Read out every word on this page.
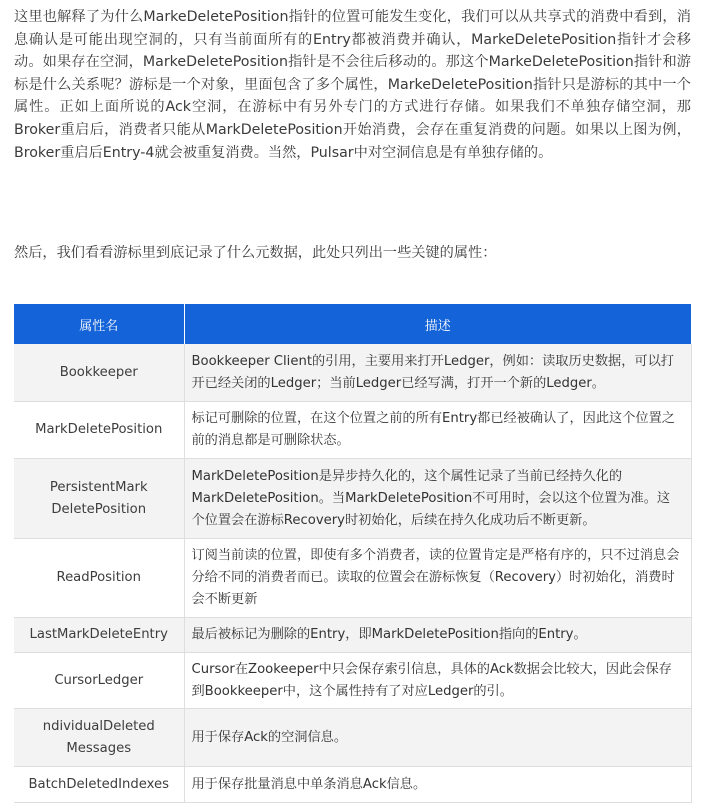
这里也解释了为什么MarkeDeletePosition指针的位置可能发生变化，我们可以从共享式的消费中看到，消息确认是可能出现空洞的，只有当前面所有的Entry都被消费并确认，MarkeDeletePosition指针才会移动。如果存在空洞，MarkeDeletePosition指针是不会往后移动的。那这个MarkeDeletePosition指针和游标是什么关系呢？游标是一个对象，里面包含了多个属性，MarkeDeletePosition指针只是游标的其中一个属性。正如上面所说的Ack空洞，在游标中有另外专门的方式进行存储。如果我们不单独存储空洞，那Broker重启后，消费者只能从MarkDeletePosition开始消费，会存在重复消费的问题。如果以上图为例，Broker重启后Entry-4就会被重复消费。当然，Pulsar中对空洞信息是有单独存储的。

然后，我们看看游标里到底记录了什么元数据，此处只列出一些关键的属性：

属性名	描述
Bookkeeper	Bookkeeper Client的引用，主要用来打开Ledger，例如：读取历史数据，可以打开已经关闭的Ledger；当前Ledger已经写满，打开一个新的Ledger。
MarkDeletePosition	标记可删除的位置，在这个位置之前的所有Entry都已经被确认了，因此这个位置之前的消息都是可删除状态。
PersistentMark DeletePosition	MarkDeletePosition是异步持久化的，这个属性记录了当前已经持久化的MarkDeletePosition。当MarkDeletePosition不可用时，会以这个位置为准。这个位置会在游标Recovery时初始化，后续在持久化成功后不断更新。
ReadPosition	订阅当前读的位置，即使有多个消费者，读的位置肯定是严格有序的，只不过消息会分给不同的消费者而已。读取的位置会在游标恢复（Recovery）时初始化，消费时会不断更新
LastMarkDeleteEntry	最后被标记为删除的Entry，即MarkDeletePosition指向的Entry。
CursorLedger	Cursor在Zookeeper中只会保存索引信息，具体的Ack数据会比较大，因此会保存到Bookkeeper中，这个属性持有了对应Ledger的引。
ndividualDeleted Messages	用于保存Ack的空洞信息。
BatchDeletedIndexes	用于保存批量消息中单条消息Ack信息。
